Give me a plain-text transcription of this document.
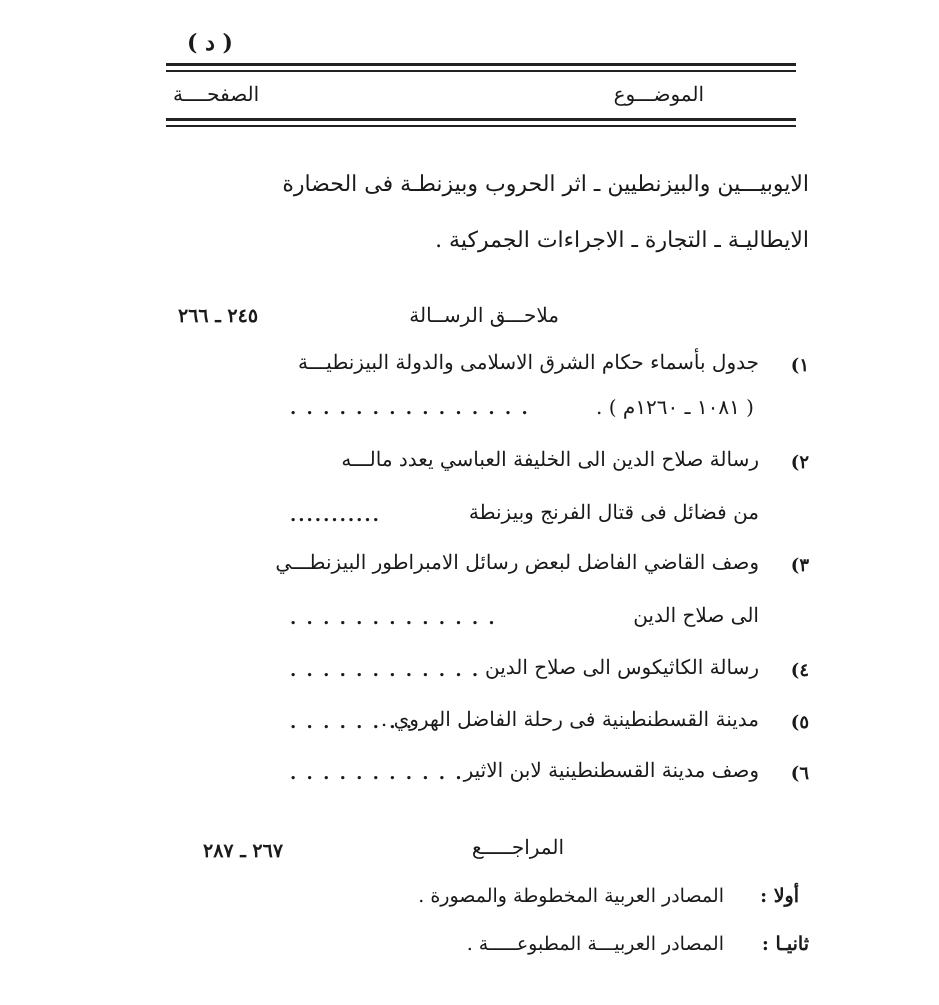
( د )
الموضـــوع
الصفحــــة
الايوبيـــين والبيزنطيين ـ اثر الحروب وبيزنطـة فى الحضارة
الايطاليـة ـ التجارة ـ الاجراءات الجمركية .
ملاحـــق الرســالة
٢٤٥ ـ ٢٦٦
١)
جدول بأسماء حكام الشرق الاسلامى والدولة البيزنطيـــة
( ١٠٨١ ـ ١٢٦٠م ) .
. . . . . . . . . . . . . . .
٢)
رسالة صلاح الدين الى الخليفة العباسي يعدد مالـــه
من فضائل فى قتال الفرنج وبيزنطة
...........
٣)
وصف القاضي الفاضل لبعض رسائل الامبراطور البيزنطـــي
الى صلاح الدين
. . . . . . . . . . . . .
٤)
رسالة الكاثيكوس الى صلاح الدين
. . . . . . . . . . . .
٥)
مدينة القسطنطينية فى رحلة الفاضل الهروي .
. . . . . . . .
٦)
وصف مدينة القسطنطينية لابن الاثير
. . . . . . . . . . .
المراجـــــع
٢٦٧ ـ ٢٨٧
أولا :
المصادر العربية المخطوطة والمصورة .
ثانيـا :
المصادر العربيـــة المطبوعـــــة .
